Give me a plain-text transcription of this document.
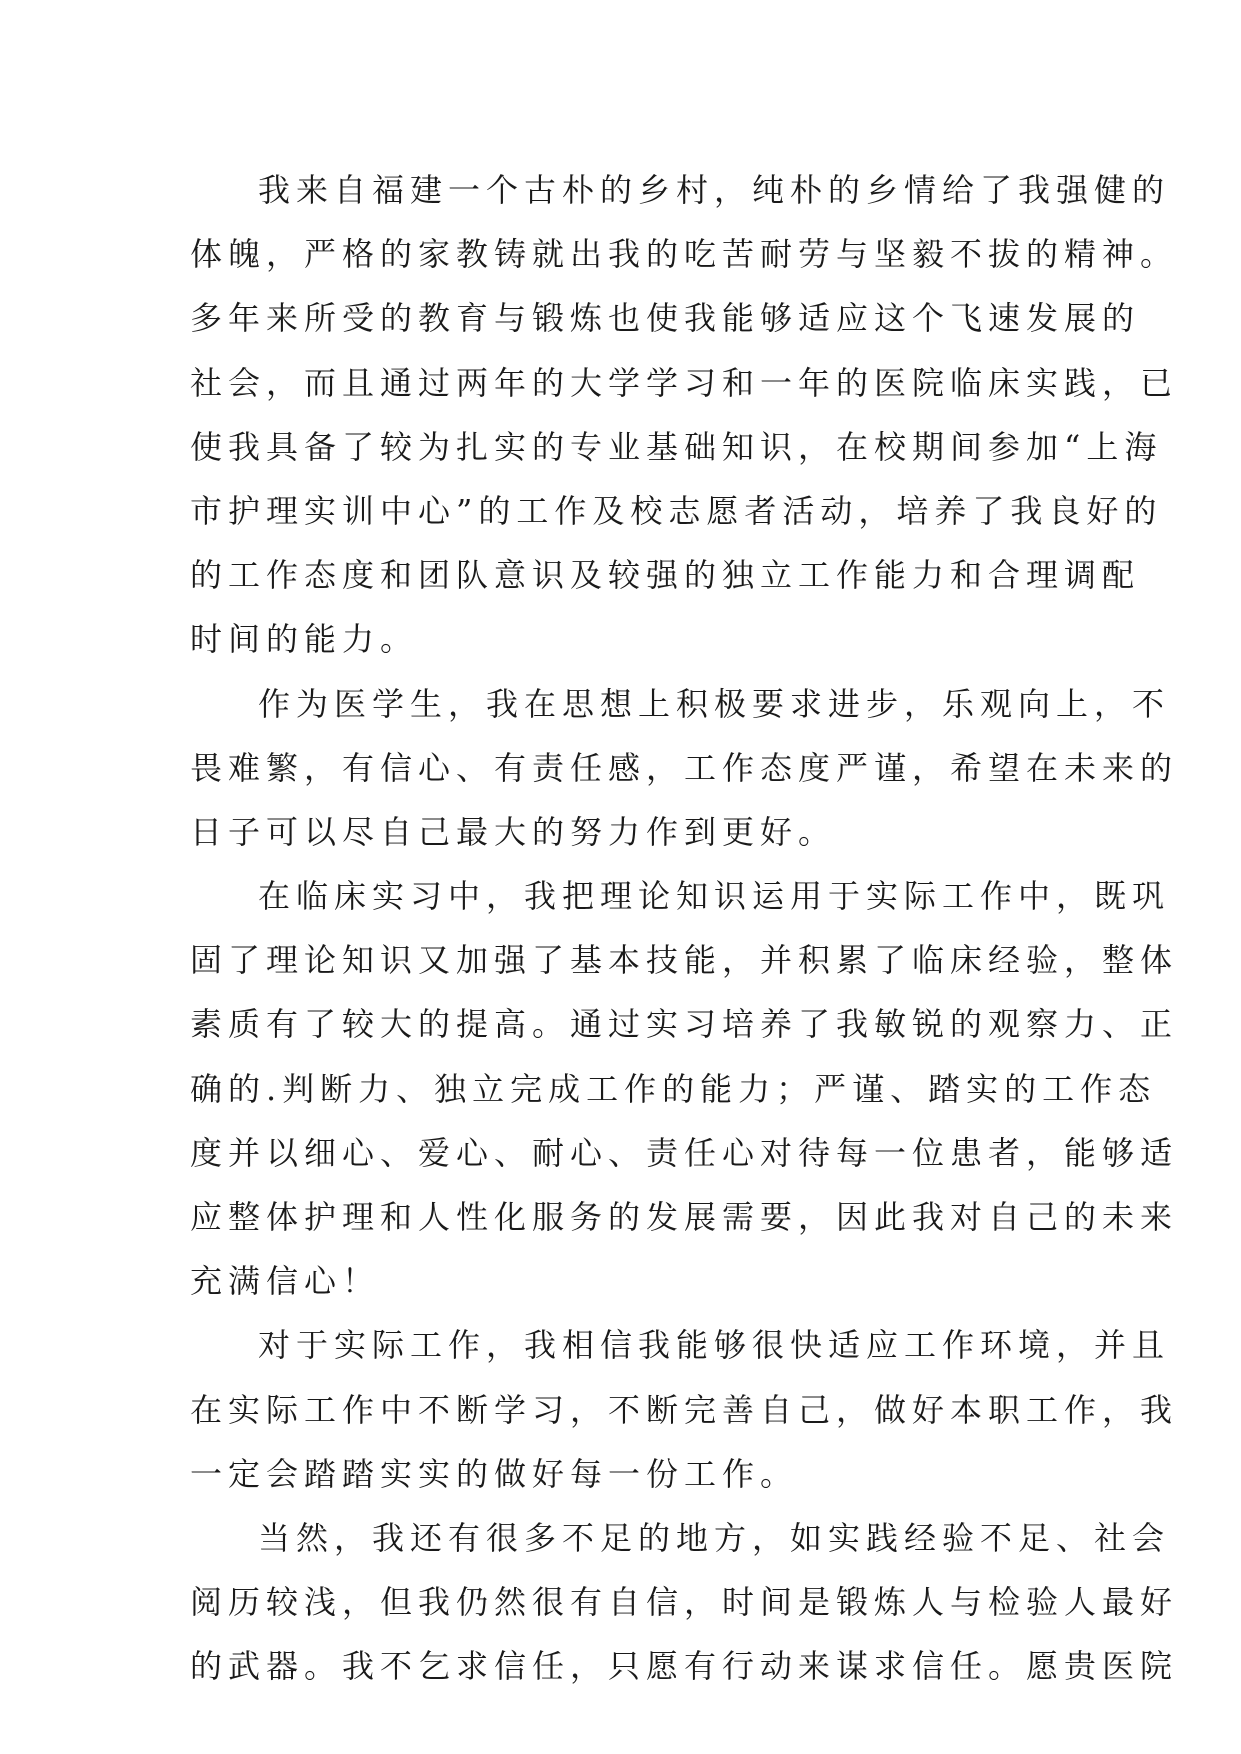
我来自福建一个古朴的乡村，纯朴的乡情给了我强健的
体魄，严格的家教铸就出我的吃苦耐劳与坚毅不拔的精神。
多年来所受的教育与锻炼也使我能够适应这个飞速发展的
社会，而且通过两年的大学学习和一年的医院临床实践，已
使我具备了较为扎实的专业基础知识，在校期间参加“上海
市护理实训中心”的工作及校志愿者活动，培养了我良好的
的工作态度和团队意识及较强的独立工作能力和合理调配
时间的能力。
作为医学生，我在思想上积极要求进步，乐观向上，不
畏难繁，有信心、有责任感，工作态度严谨，希望在未来的
日子可以尽自己最大的努力作到更好。
在临床实习中，我把理论知识运用于实际工作中，既巩
固了理论知识又加强了基本技能，并积累了临床经验，整体
素质有了较大的提高。通过实习培养了我敏锐的观察力、正
确的.判断力、独立完成工作的能力；严谨、踏实的工作态
度并以细心、爱心、耐心、责任心对待每一位患者，能够适
应整体护理和人性化服务的发展需要，因此我对自己的未来
充满信心！
对于实际工作，我相信我能够很快适应工作环境，并且
在实际工作中不断学习，不断完善自己，做好本职工作，我
一定会踏踏实实的做好每一份工作。
当然，我还有很多不足的地方，如实践经验不足、社会
阅历较浅，但我仍然很有自信，时间是锻炼人与检验人最好
的武器。我不乞求信任，只愿有行动来谋求信任。愿贵医院
